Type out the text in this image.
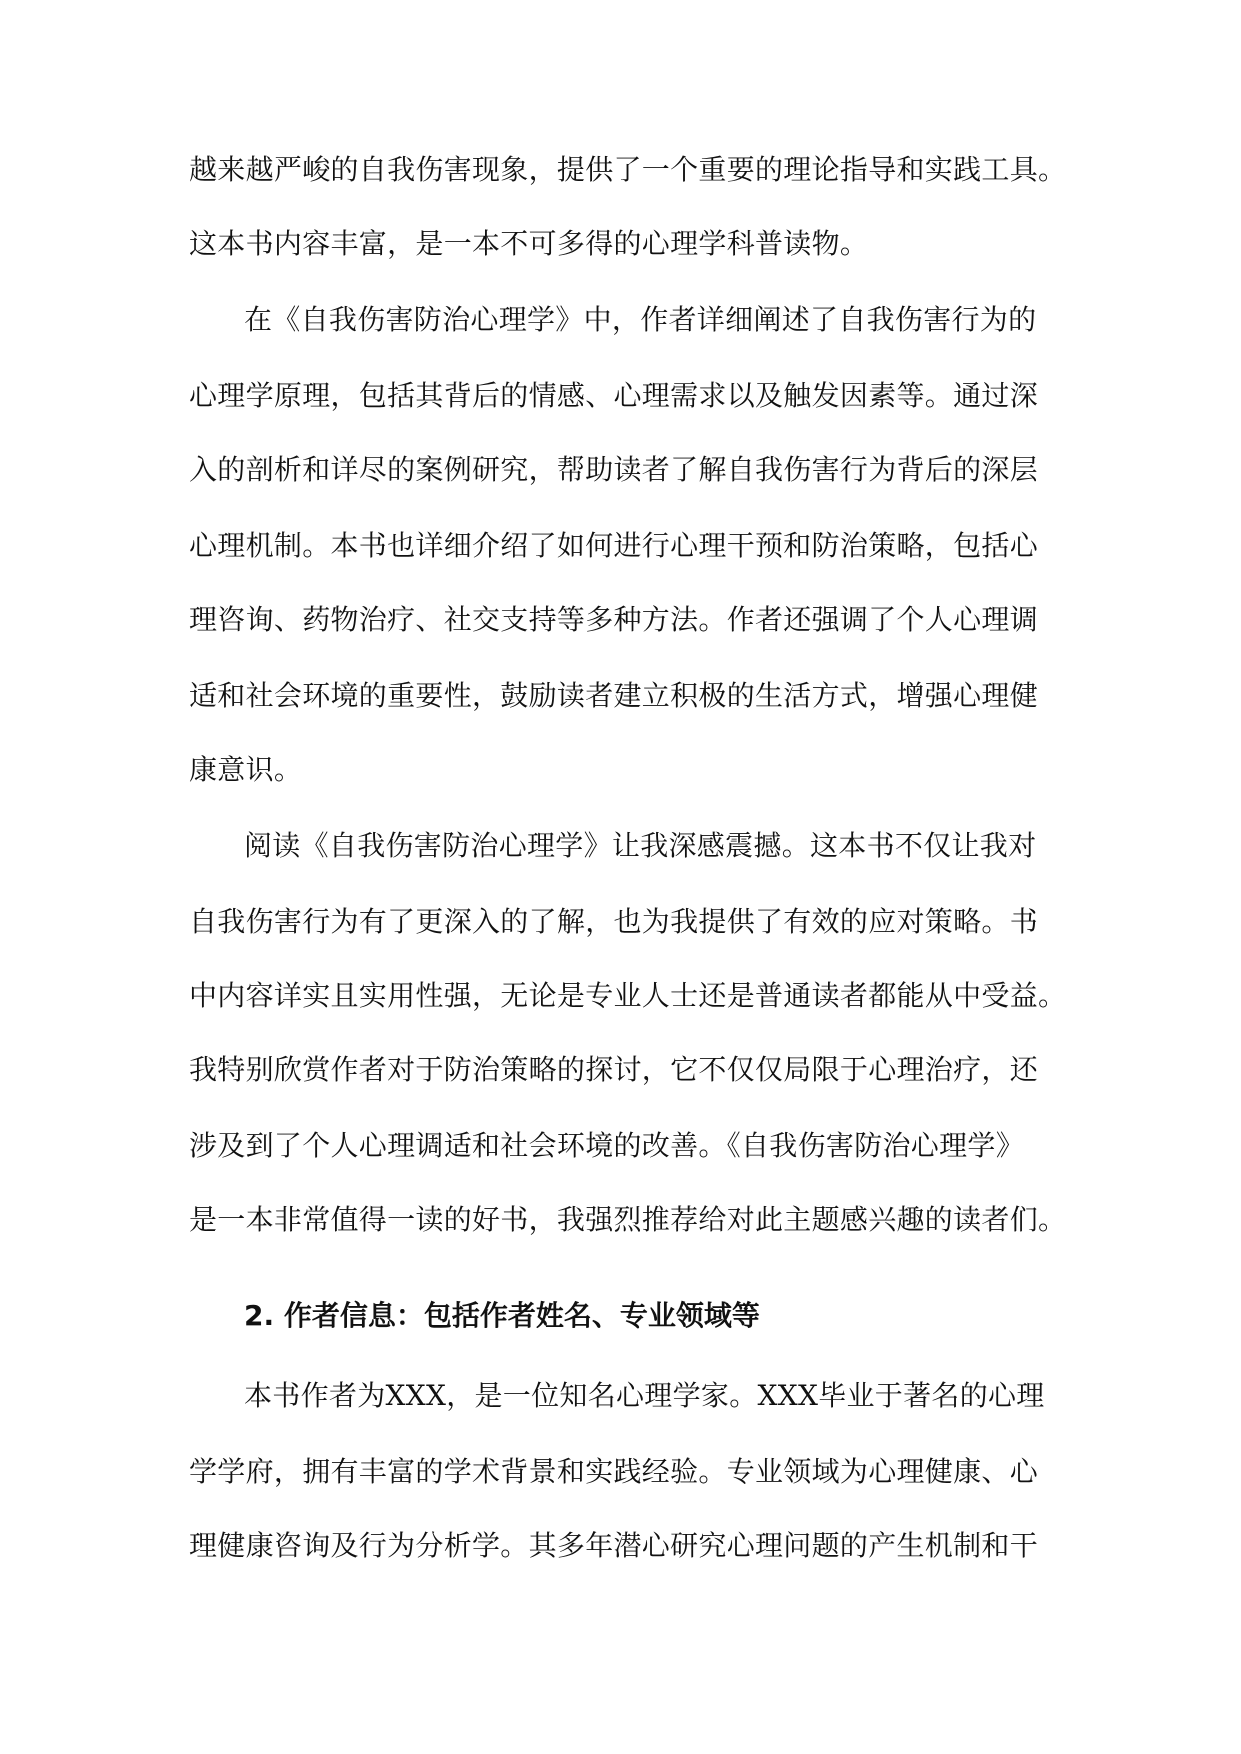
越来越严峻的自我伤害现象，提供了一个重要的理论指导和实践工具。
这本书内容丰富，是一本不可多得的心理学科普读物。
在《自我伤害防治心理学》中，作者详细阐述了自我伤害行为的
心理学原理，包括其背后的情感、心理需求以及触发因素等。通过深
入的剖析和详尽的案例研究，帮助读者了解自我伤害行为背后的深层
心理机制。本书也详细介绍了如何进行心理干预和防治策略，包括心
理咨询、药物治疗、社交支持等多种方法。作者还强调了个人心理调
适和社会环境的重要性，鼓励读者建立积极的生活方式，增强心理健
康意识。
阅读《自我伤害防治心理学》让我深感震撼。这本书不仅让我对
自我伤害行为有了更深入的了解，也为我提供了有效的应对策略。书
中内容详实且实用性强，无论是专业人士还是普通读者都能从中受益。
我特别欣赏作者对于防治策略的探讨，它不仅仅局限于心理治疗，还
涉及到了个人心理调适和社会环境的改善。《自我伤害防治心理学》
是一本非常值得一读的好书，我强烈推荐给对此主题感兴趣的读者们。
2. 作者信息：包括作者姓名、专业领域等
本书作者为XXX，是一位知名心理学家。XXX毕业于著名的心理
学学府，拥有丰富的学术背景和实践经验。专业领域为心理健康、心
理健康咨询及行为分析学。其多年潜心研究心理问题的产生机制和干
